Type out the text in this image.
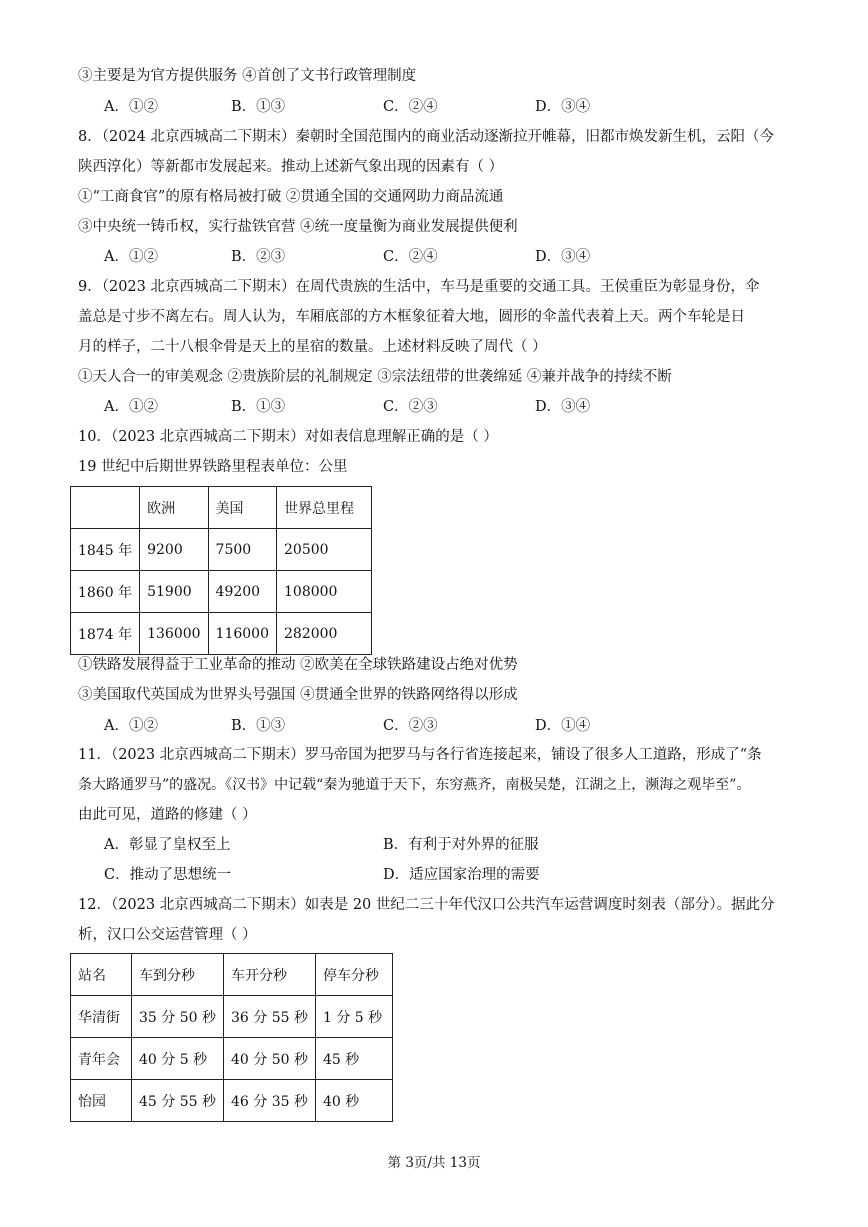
③主要是为官方提供服务 ④首创了文书行政管理制度
A．①②	B．①③	C．②④	D．③④
8．（2024 北京西城高二下期末）秦朝时全国范围内的商业活动逐渐拉开帷幕，旧都市焕发新生机，云阳（今
陕西淳化）等新都市发展起来。推动上述新气象出现的因素有（ ）
①“工商食官”的原有格局被打破 ②贯通全国的交通网助力商品流通
③中央统一铸币权，实行盐铁官营 ④统一度量衡为商业发展提供便利
A．①②	B．②③	C．②④	D．③④
9．（2023 北京西城高二下期末）在周代贵族的生活中，车马是重要的交通工具。王侯重臣为彰显身份，伞
盖总是寸步不离左右。周人认为，车厢底部的方木框象征着大地，圆形的伞盖代表着上天。两个车轮是日
月的样子，二十八根伞骨是天上的星宿的数量。上述材料反映了周代（ ）
①天人合一的审美观念 ②贵族阶层的礼制规定 ③宗法纽带的世袭绵延 ④兼并战争的持续不断
A．①②	B．①③	C．②③	D．③④
10．（2023 北京西城高二下期末）对如表信息理解正确的是（ ）
19 世纪中后期世界铁路里程表单位：公里
	欧洲	美国	世界总里程
1845 年	9200	7500	20500
1860 年	51900	49200	108000
1874 年	136000	116000	282000
①铁路发展得益于工业革命的推动 ②欧美在全球铁路建设占绝对优势
③美国取代英国成为世界头号强国 ④贯通全世界的铁路网络得以形成
A．①②	B．①③	C．②③	D．①④
11．（2023 北京西城高二下期末）罗马帝国为把罗马与各行省连接起来，铺设了很多人工道路，形成了“条
条大路通罗马”的盛况。《汉书》中记载“秦为驰道于天下，东穷燕齐，南极吴楚，江湖之上，濒海之观毕至”。
由此可见，道路的修建（ ）
A．彰显了皇权至上	B．有利于对外界的征服
C．推动了思想统一	D．适应国家治理的需要
12．（2023 北京西城高二下期末）如表是 20 世纪二三十年代汉口公共汽车运营调度时刻表（部分）。据此分
析，汉口公交运营管理（ ）
站名	车到分秒	车开分秒	停车分秒
华清街	35 分 50 秒	36 分 55 秒	1 分 5 秒
青年会	40 分 5 秒	40 分 50 秒	45 秒
怡园	45 分 55 秒	46 分 35 秒	40 秒
第 3页/共 13页
